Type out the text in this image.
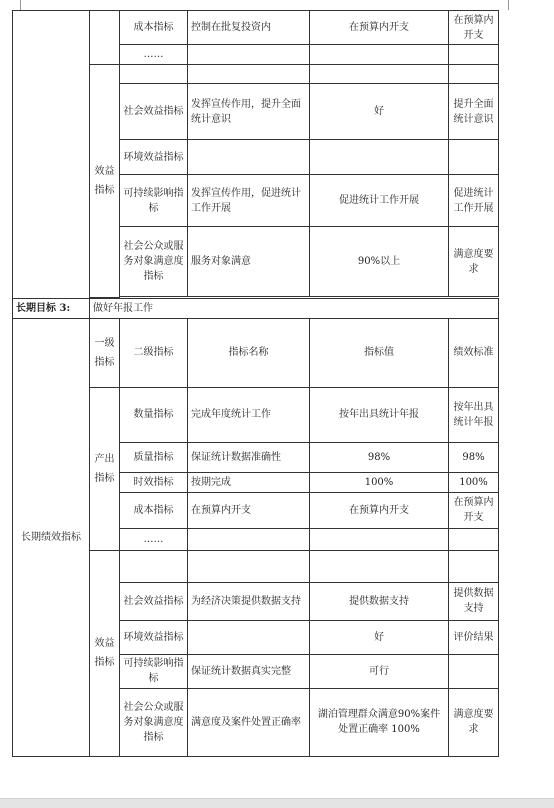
		成本指标	控制在批复投资内	在预算内开支	在预算内开支
		……			
	效益指标				
		社会效益指标	发挥宣传作用，提升全面统计意识	好	提升全面统计意识
		环境效益指标			
		可持续影响指标	发挥宣传作用，促进统计工作开展	促进统计工作开展	促进统计工作开展
		社会公众或服务对象满意度指标	服务对象满意	90%以上	满意度要求

长期目标 3:	做好年报工作				
长期绩效指标	一级指标	二级指标	指标名称	指标值	绩效标准
	产出指标	数量指标	完成年度统计工作	按年出具统计年报	按年出具统计年报
		质量指标	保证统计数据准确性	98%	98%
		时效指标	按期完成	100%	100%
		成本指标	在预算内开支	在预算内开支	在预算内开支
		……			
	效益指标				
		社会效益指标	为经济决策提供数据支持	提供数据支持	提供数据支持
		环境效益指标		好	评价结果
		可持续影响指标	保证统计数据真实完整	可行	
		社会公众或服务对象满意度指标	满意度及案件处置正确率	湖泊管理群众满意90%案件处置正确率 100%	满意度要求
